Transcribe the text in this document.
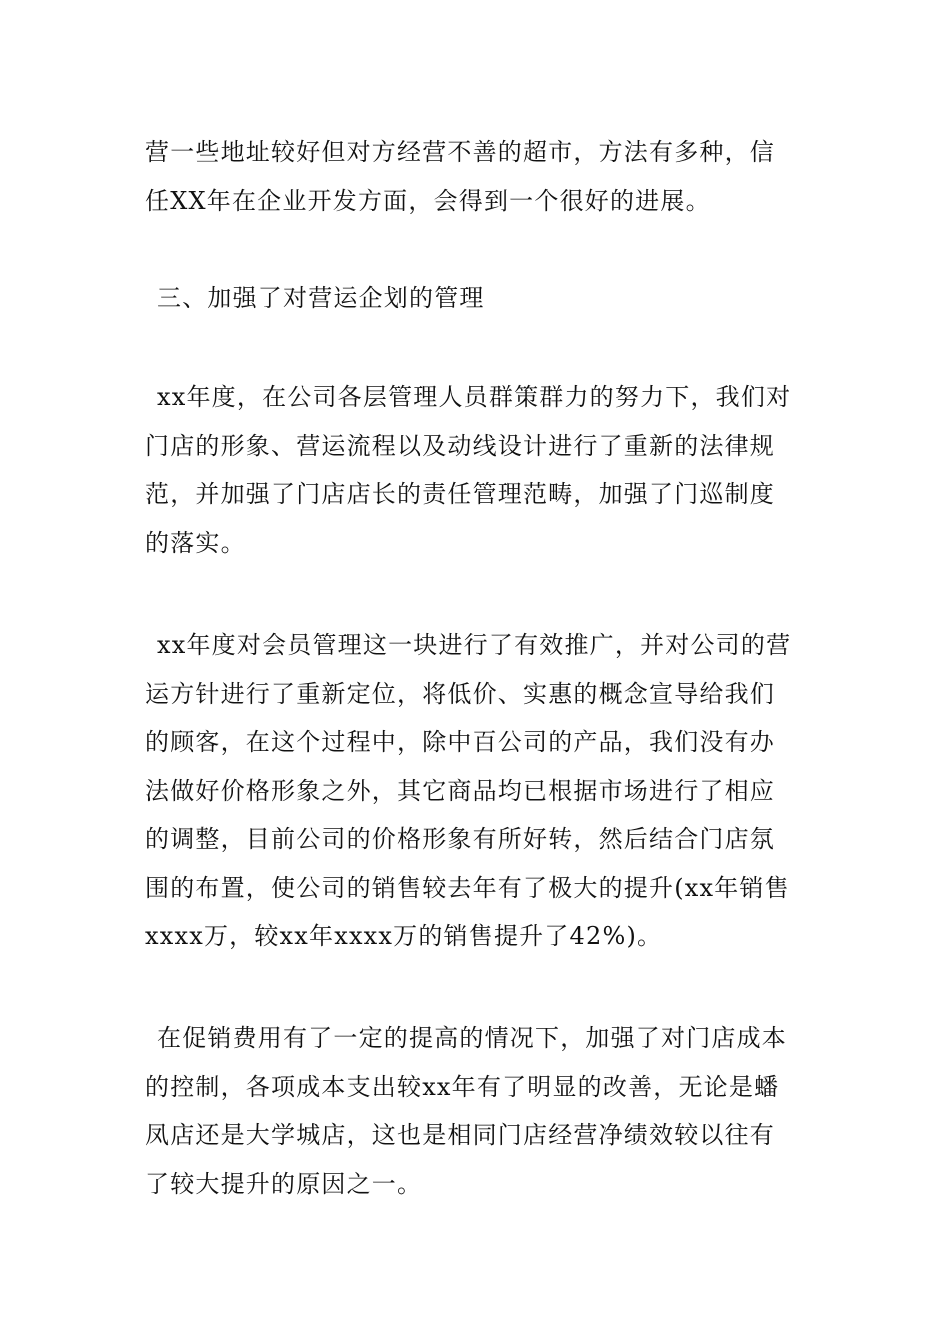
营一些地址较好但对方经营不善的超市，方法有多种，信
任XX年在企业开发方面，会得到一个很好的进展。
三、加强了对营运企划的管理
xx年度，在公司各层管理人员群策群力的努力下，我们对
门店的形象、营运流程以及动线设计进行了重新的法律规
范，并加强了门店店长的责任管理范畴，加强了门巡制度
的落实。
xx年度对会员管理这一块进行了有效推广，并对公司的营
运方针进行了重新定位，将低价、实惠的概念宣导给我们
的顾客，在这个过程中，除中百公司的产品，我们没有办
法做好价格形象之外，其它商品均已根据市场进行了相应
的调整，目前公司的价格形象有所好转，然后结合门店氛
围的布置，使公司的销售较去年有了极大的提升(xx年销售
xxxx万，较xx年xxxx万的销售提升了42%)。
在促销费用有了一定的提高的情况下，加强了对门店成本
的控制，各项成本支出较xx年有了明显的改善，无论是蟠
凤店还是大学城店，这也是相同门店经营净绩效较以往有
了较大提升的原因之一。
